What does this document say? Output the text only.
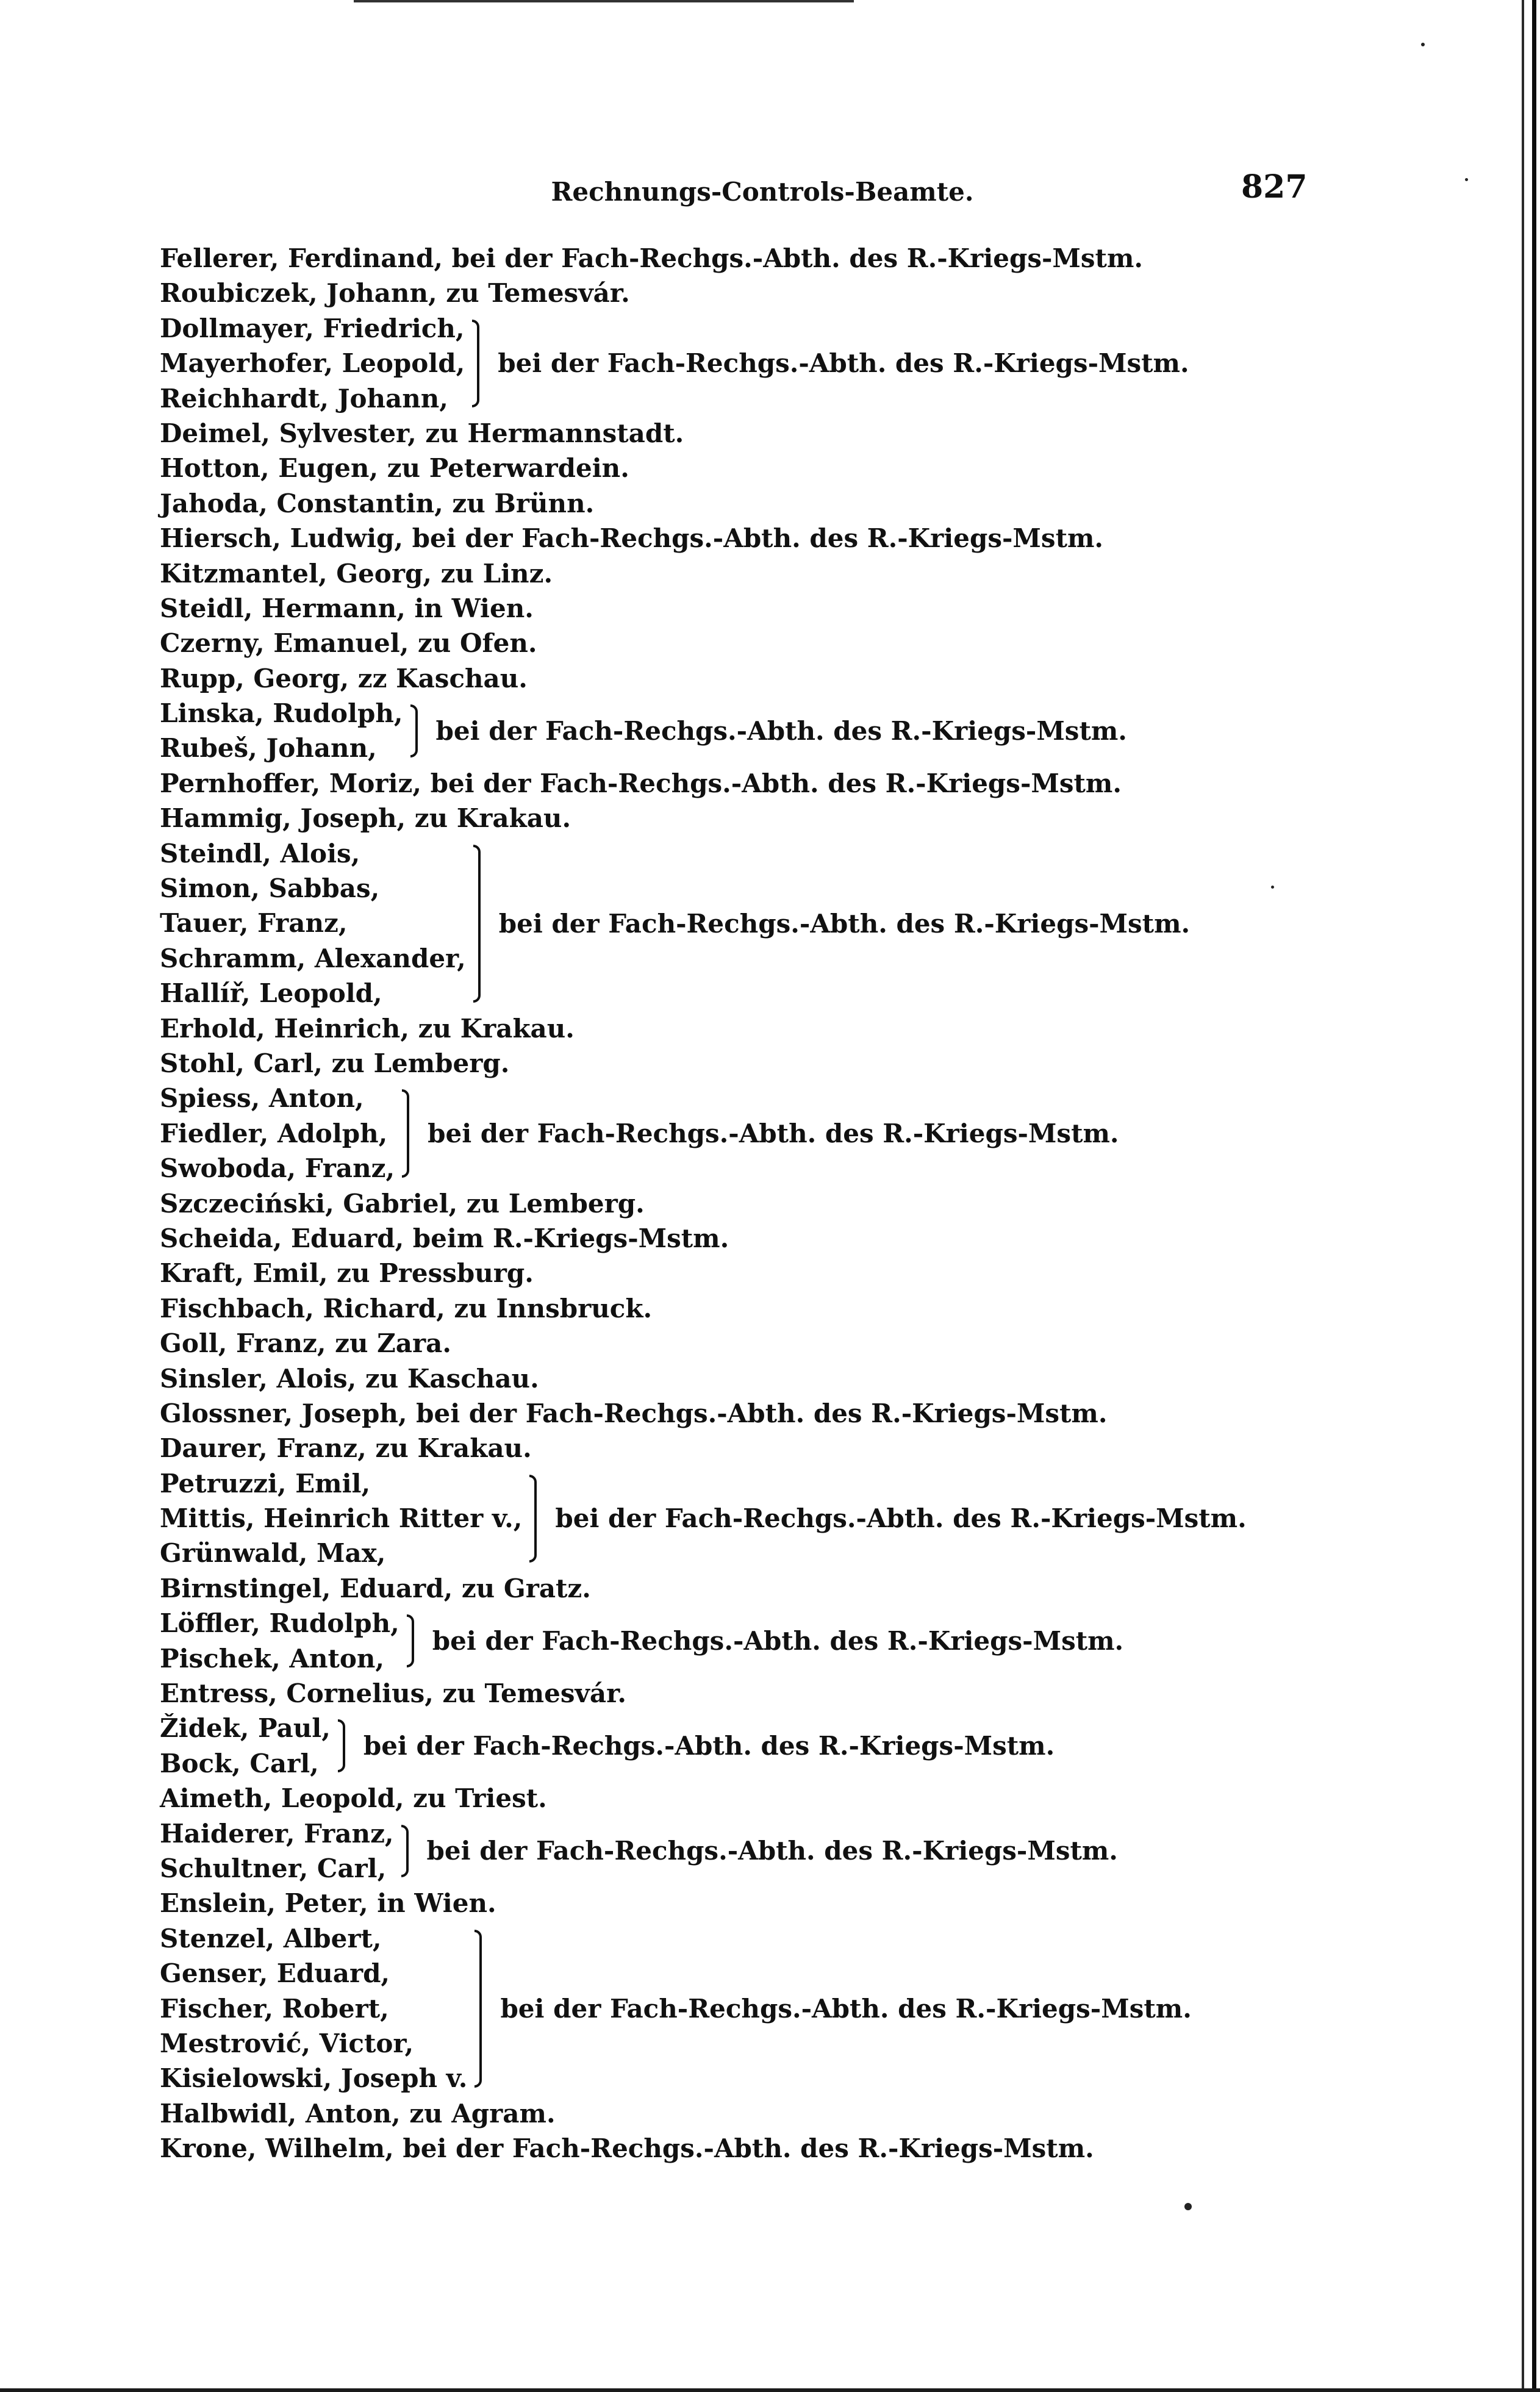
Rechnungs-Controls-Beamte.	827
Fellerer, Ferdinand, bei der Fach-Rechgs.-Abth. des R.-Kriegs-Mstm.
Roubiczek, Johann, zu Temesvár.
Dollmayer, Friedrich,
Mayerhofer, Leopold,
Reichhardt, Johann,
bei der Fach-Rechgs.-Abth. des R.-Kriegs-Mstm.
Deimel, Sylvester, zu Hermannstadt.
Hotton, Eugen, zu Peterwardein.
Jahoda, Constantin, zu Brünn.
Hiersch, Ludwig, bei der Fach-Rechgs.-Abth. des R.-Kriegs-Mstm.
Kitzmantel, Georg, zu Linz.
Steidl, Hermann, in Wien.
Czerny, Emanuel, zu Ofen.
Rupp, Georg, zz Kaschau.
Linska, Rudolph,
Rubeš, Johann,
bei der Fach-Rechgs.-Abth. des R.-Kriegs-Mstm.
Pernhoffer, Moriz, bei der Fach-Rechgs.-Abth. des R.-Kriegs-Mstm.
Hammig, Joseph, zu Krakau.
Steindl, Alois,
Simon, Sabbas,
Tauer, Franz,
Schramm, Alexander,
Hallíř, Leopold,
bei der Fach-Rechgs.-Abth. des R.-Kriegs-Mstm.
Erhold, Heinrich, zu Krakau.
Stohl, Carl, zu Lemberg.
Spiess, Anton,
Fiedler, Adolph,
Swoboda, Franz,
bei der Fach-Rechgs.-Abth. des R.-Kriegs-Mstm.
Szczeciński, Gabriel, zu Lemberg.
Scheida, Eduard, beim R.-Kriegs-Mstm.
Kraft, Emil, zu Pressburg.
Fischbach, Richard, zu Innsbruck.
Goll, Franz, zu Zara.
Sinsler, Alois, zu Kaschau.
Glossner, Joseph, bei der Fach-Rechgs.-Abth. des R.-Kriegs-Mstm.
Daurer, Franz, zu Krakau.
Petruzzi, Emil,
Mittis, Heinrich Ritter v.,
Grünwald, Max,
bei der Fach-Rechgs.-Abth. des R.-Kriegs-Mstm.
Birnstingel, Eduard, zu Gratz.
Löffler, Rudolph,
Pischek, Anton,
bei der Fach-Rechgs.-Abth. des R.-Kriegs-Mstm.
Entress, Cornelius, zu Temesvár.
Židek, Paul,
Bock, Carl,
bei der Fach-Rechgs.-Abth. des R.-Kriegs-Mstm.
Aimeth, Leopold, zu Triest.
Haiderer, Franz,
Schultner, Carl,
bei der Fach-Rechgs.-Abth. des R.-Kriegs-Mstm.
Enslein, Peter, in Wien.
Stenzel, Albert,
Genser, Eduard,
Fischer, Robert,
Mestrović, Victor,
Kisielowski, Joseph v.
bei der Fach-Rechgs.-Abth. des R.-Kriegs-Mstm.
Halbwidl, Anton, zu Agram.
Krone, Wilhelm, bei der Fach-Rechgs.-Abth. des R.-Kriegs-Mstm.
